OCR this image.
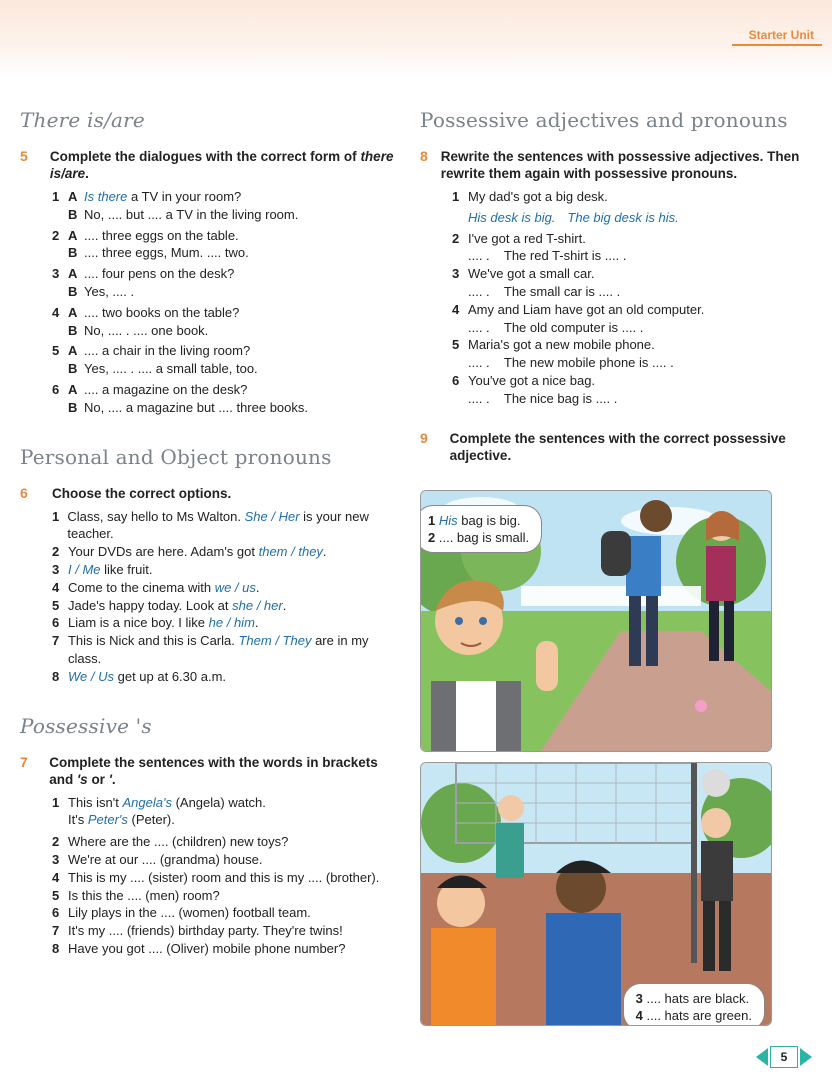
Starter Unit
There is/are
5	Complete the dialogues with the correct form of there is/are.
1 A Is there a TV in your room?
B No, .... but .... a TV in the living room.
2 A .... three eggs on the table.
B .... three eggs, Mum. .... two.
3 A .... four pens on the desk?
B Yes, .... .
4 A .... two books on the table?
B No, .... . .... one book.
5 A .... a chair in the living room?
B Yes, .... . .... a small table, too.
6 A .... a magazine on the desk?
B No, .... a magazine but .... three books.
Personal and Object pronouns
6	Choose the correct options.
1 Class, say hello to Ms Walton. She / Her is your new teacher.
2 Your DVDs are here. Adam's got them / they.
3 I / Me like fruit.
4 Come to the cinema with we / us.
5 Jade's happy today. Look at she / her.
6 Liam is a nice boy. I like he / him.
7 This is Nick and this is Carla. Them / They are in my class.
8 We / Us get up at 6.30 a.m.
Possessive 's
7	Complete the sentences with the words in brackets and 's or '.
1 This isn't Angela's (Angela) watch.
It's Peter's (Peter).
2 Where are the .... (children) new toys?
3 We're at our .... (grandma) house.
4 This is my .... (sister) room and this is my .... (brother).
5 Is this the .... (men) room?
6 Lily plays in the .... (women) football team.
7 It's my .... (friends) birthday party. They're twins!
8 Have you got .... (Oliver) mobile phone number?
Possessive adjectives and pronouns
8 Rewrite the sentences with possessive adjectives. Then rewrite them again with possessive pronouns.
1 My dad's got a big desk.
His desk is big. The big desk is his.
2 I've got a red T-shirt.
.... .    The red T-shirt is .... .
3 We've got a small car.
.... .    The small car is .... .
4 Amy and Liam have got an old computer.
.... .    The old computer is .... .
5 Maria's got a new mobile phone.
.... .    The new mobile phone is .... .
6 You've got a nice bag.
.... .    The nice bag is .... .
9	Complete the sentences with the correct possessive adjective.
1 His bag is big.
2 .... bag is small.
3 .... hats are black.
4 .... hats are green.
5
